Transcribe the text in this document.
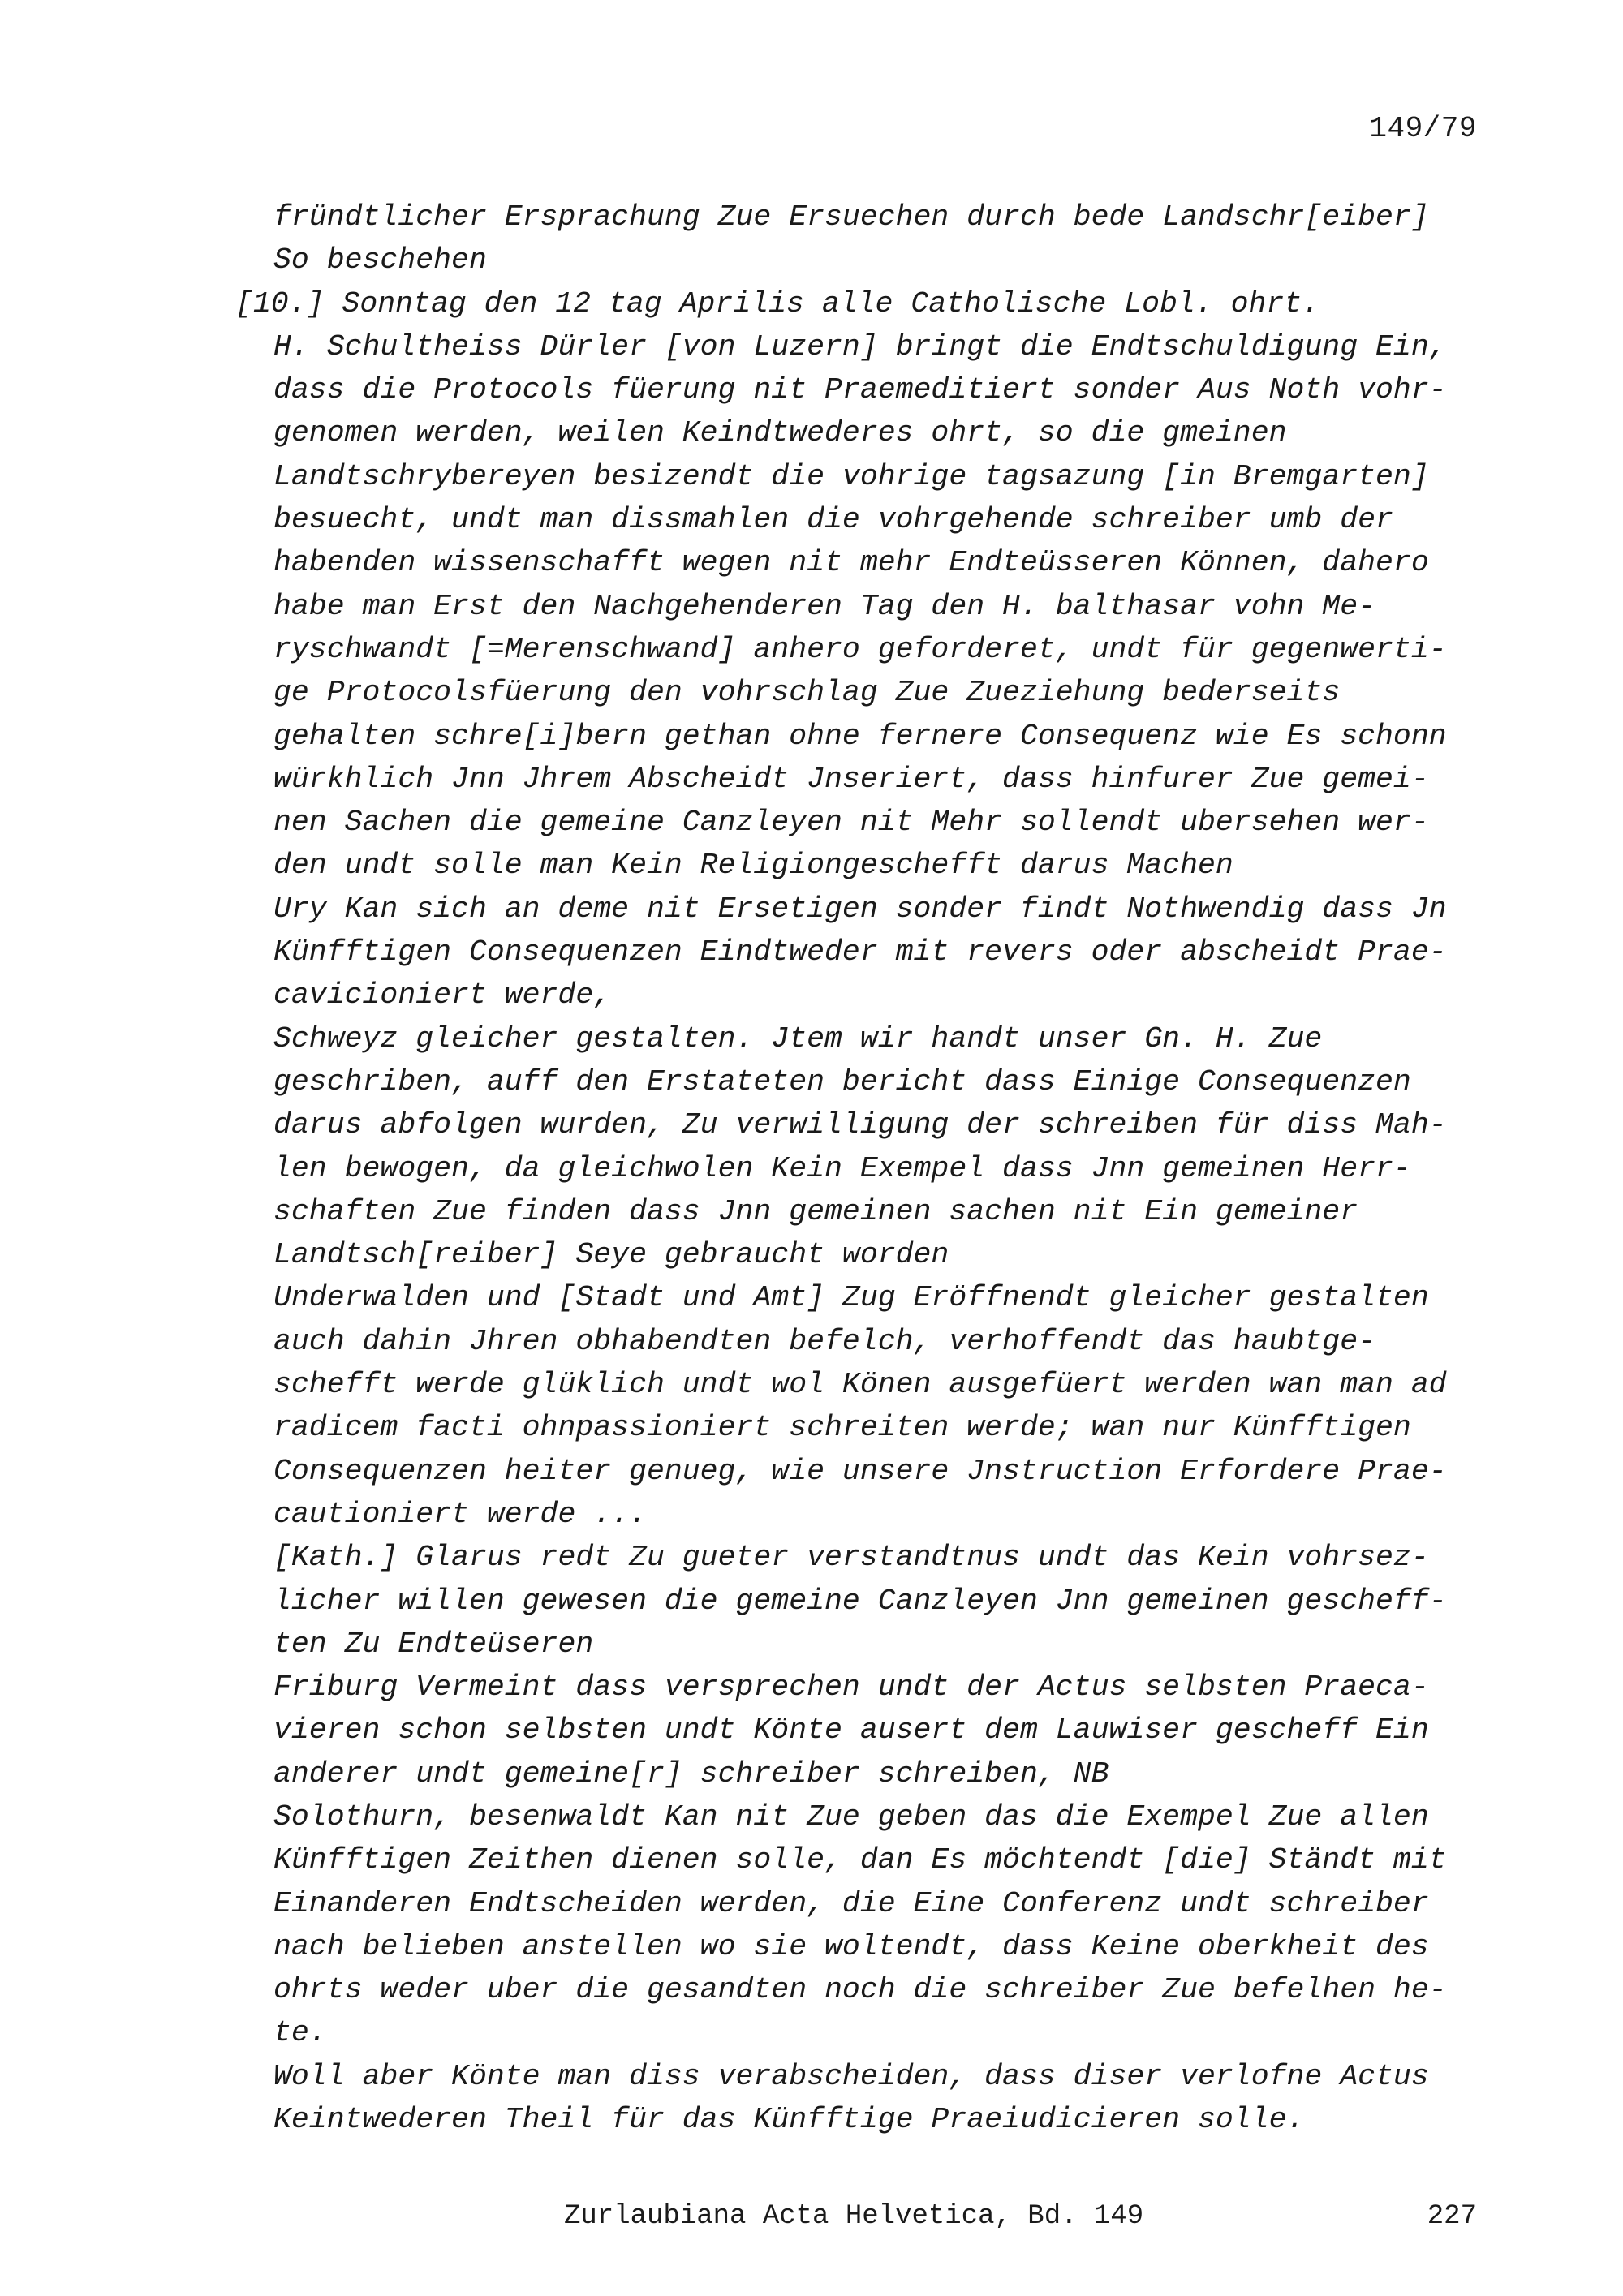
149/79
fründtlicher Ersprachung Zue Ersuechen durch bede Landschr[eiber]
So beschehen
[10.] Sonntag den 12 tag Aprilis alle Catholische Lobl. ohrt.
H. Schultheiss Dürler [von Luzern] bringt die Endtschuldigung Ein,
dass die Protocols füerung nit Praemeditiert sonder Aus Noth vohr-
genomen werden, weilen Keindtwederes ohrt, so die gmeinen
Landtschrybereyen besizendt die vohrige tagsazung [in Bremgarten]
besuecht, undt man dissmahlen die vohrgehende schreiber umb der
habenden wissenschafft wegen nit mehr Endteüsseren Können, dahero
habe man Erst den Nachgehenderen Tag den H. balthasar vohn Me-
ryschwandt [=Merenschwand] anhero geforderet, undt für gegenwerti-
ge Protocolsfüerung den vohrschlag Zue Zueziehung bederseits
gehalten schre[i]bern gethan ohne fernere Consequenz wie Es schonn
würkhlich Jnn Jhrem Abscheidt Jnseriert, dass hinfurer Zue gemei-
nen Sachen die gemeine Canzleyen nit Mehr sollendt ubersehen wer-
den undt solle man Kein Religiongeschefft darus Machen
Ury Kan sich an deme nit Ersetigen sonder findt Nothwendig dass Jn
Künfftigen Consequenzen Eindtweder mit revers oder abscheidt Prae-
cavicioniert werde,
Schweyz gleicher gestalten. Jtem wir handt unser Gn. H. Zue
geschriben, auff den Erstateten bericht dass Einige Consequenzen
darus abfolgen wurden, Zu verwilligung der schreiben für diss Mah-
len bewogen, da gleichwolen Kein Exempel dass Jnn gemeinen Herr-
schaften Zue finden dass Jnn gemeinen sachen nit Ein gemeiner
Landtsch[reiber] Seye gebraucht worden
Underwalden und [Stadt und Amt] Zug Eröffnendt gleicher gestalten
auch dahin Jhren obhabendten befelch, verhoffendt das haubtge-
schefft werde glüklich undt wol Könen ausgefüert werden wan man ad
radicem facti ohnpassioniert schreiten werde; wan nur Künfftigen
Consequenzen heiter genueg, wie unsere Jnstruction Erfordere Prae-
cautioniert werde ...
[Kath.] Glarus redt Zu gueter verstandtnus undt das Kein vohrsez-
licher willen gewesen die gemeine Canzleyen Jnn gemeinen gescheff-
ten Zu Endteüseren
Friburg Vermeint dass versprechen undt der Actus selbsten Praeca-
vieren schon selbsten undt Könte ausert dem Lauwiser gescheff Ein
anderer undt gemeine[r] schreiber schreiben, NB
Solothurn, besenwaldt Kan nit Zue geben das die Exempel Zue allen
Künfftigen Zeithen dienen solle, dan Es möchtendt [die] Ständt mit
Einanderen Endtscheiden werden, die Eine Conferenz undt schreiber
nach belieben anstellen wo sie woltendt, dass Keine oberkheit des
ohrts weder uber die gesandten noch die schreiber Zue befelhen he-
te.
Woll aber Könte man diss verabscheiden, dass diser verlofne Actus
Keintwederen Theil für das Künfftige Praeiudicieren solle.
Zurlaubiana Acta Helvetica, Bd. 149	227
